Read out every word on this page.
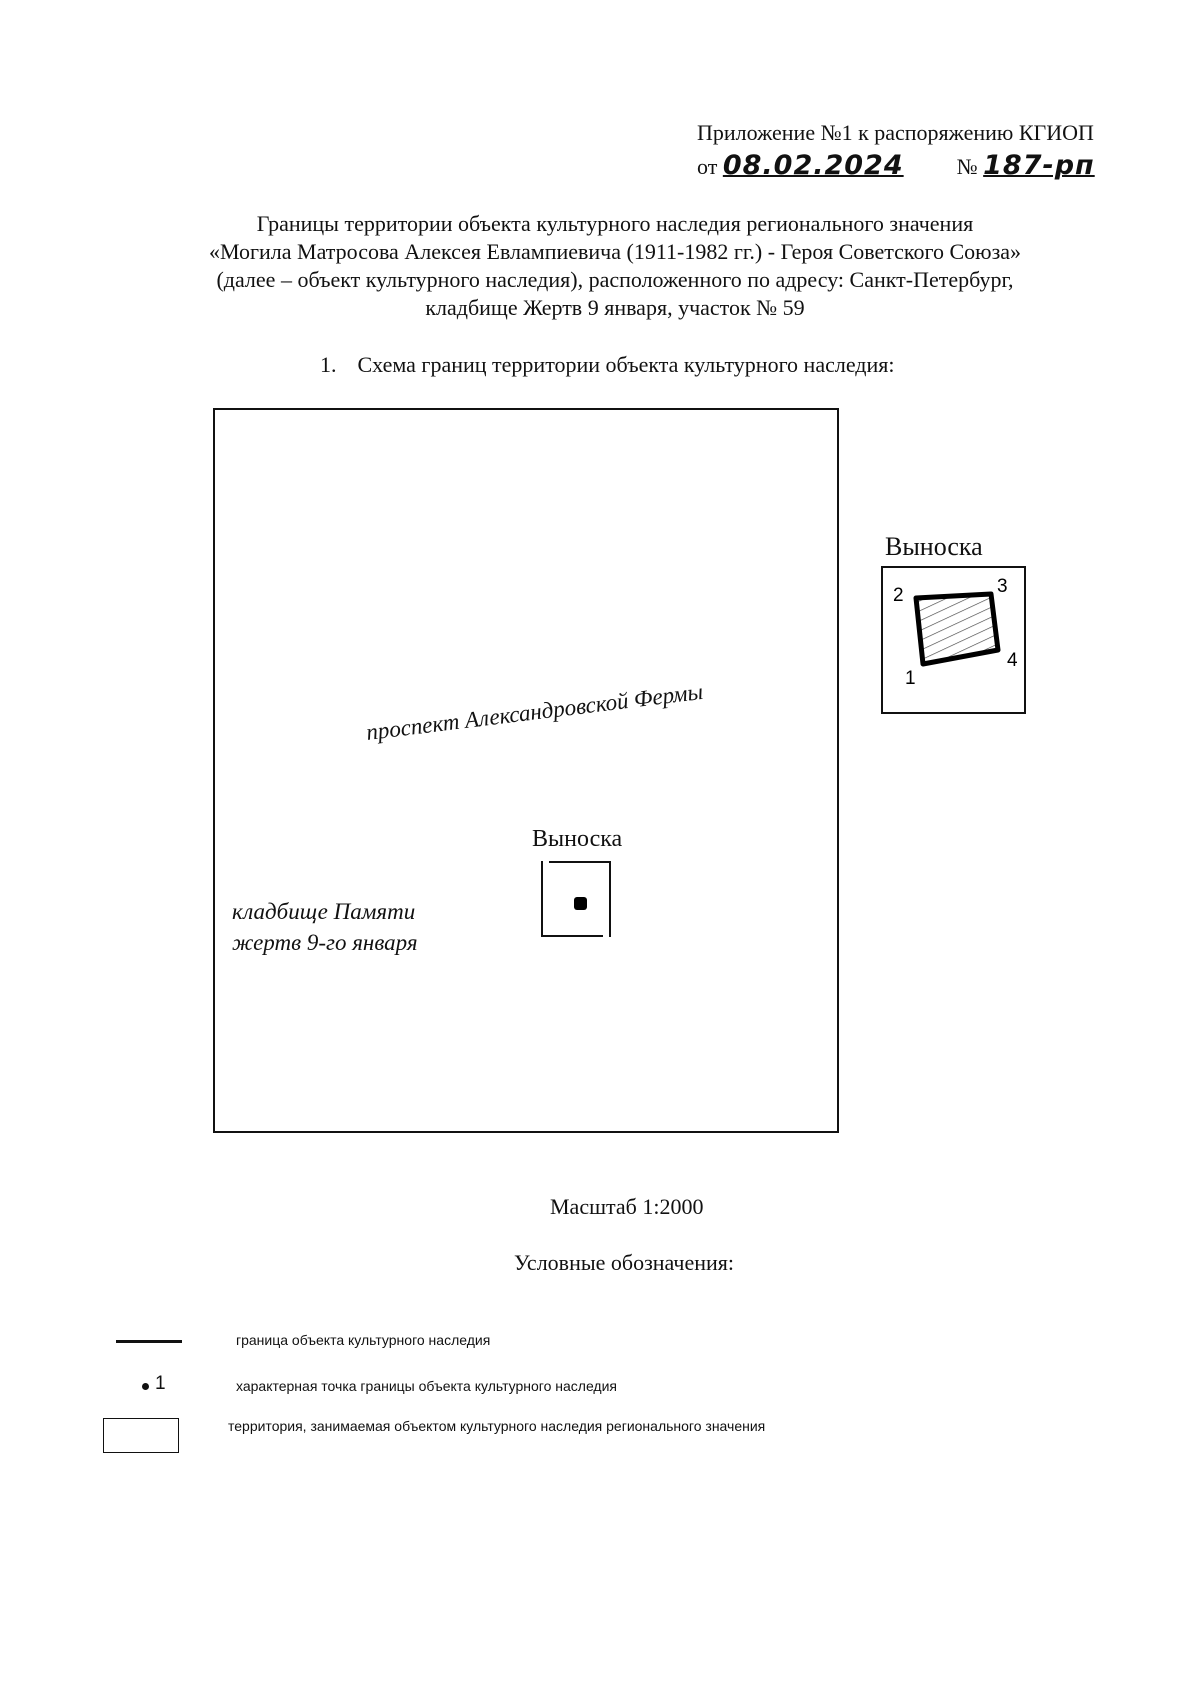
Приложение №1 к распоряжению КГИОП
от 08.02.2024 № 187-рп
Границы территории объекта культурного наследия регионального значения
«Могила Матросова Алексея Евлампиевича (1911-1982 гг.) - Героя Советского Союза»
(далее – объект культурного наследия), расположенного по адресу: Санкт-Петербург,
кладбище Жертв 9 января, участок № 59
1. Схема границ территории объекта культурного наследия:
проспект Александровской Фермы
кладбище Памяти
жертв 9-го января
Выноска
Выноска
1
2	3
4
Масштаб 1:2000
Условные обозначения:
граница объекта культурного наследия
1	характерная точка границы объекта культурного наследия
территория, занимаемая объектом культурного наследия регионального значения
